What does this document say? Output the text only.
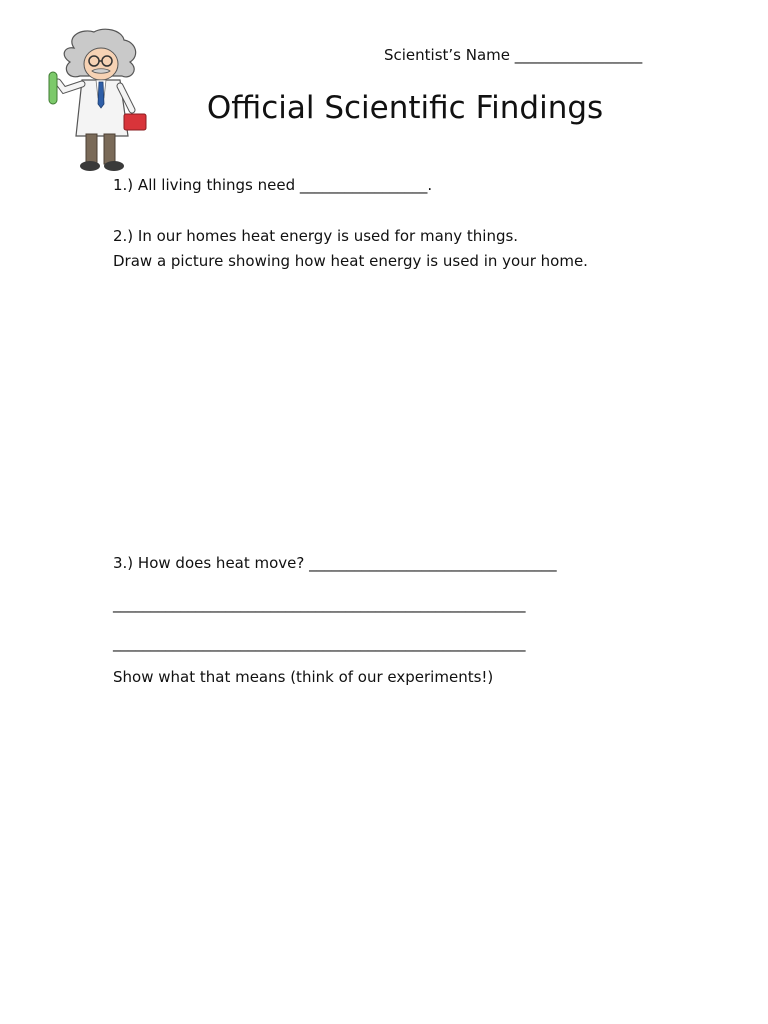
Scientist’s Name _________________
Official Scientific Findings
1.) All living things need _________________.
2.) In our homes heat energy is used for many things.
Draw a picture showing how heat energy is used in your home.
3.) How does heat move? _________________________________
_______________________________________________________
_______________________________________________________
Show what that means (think of our experiments!)
